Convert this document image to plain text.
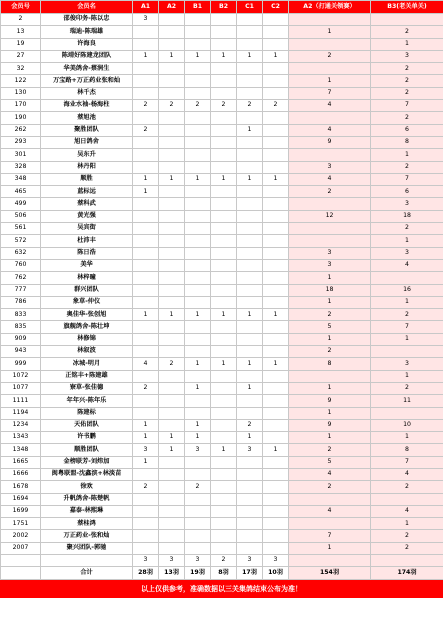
会员号	会员名	A1	A2	B1	B2	C1	C2	A2（打通关领赛）	B3(老关单关)
2	邵俊印务-陈以忠	3							
13	瑞迪-陈瑞雄							1	2
19	许海良								1
27	陈靖好陈建龙团队	1	1	1	1	1	1	2	3
32	华美鸽舍-蔡润生								2
122	万宝路+万正药业张和灿							1	2
130	林千杰							7	2
170	海业水袖-杨海柱	2	2	2	2	2	2	4	7
190	蔡旭池								2
262	聚胜团队	2				1		4	6
293	旭日鸽舍							9	8
301	吴东升								1
328	林丹阳							3	2
348	顺胜	1	1	1	1	1	1	4	7
465	蓝标远	1						2	6
499	蔡科武								3
506	黄光强							12	18
561	吴宾街								2
572	杜沛丰								1
632	陈日浩							3	3
760	美华							3	4
762	林梓曈							1	
777	群兴团队							18	16
786	象草-仲仪							1	1
833	奥佳华-张创旭	1	1	1	1	1	1	2	2
835	旗舰鸽舍-陈壮坤							5	7
909	林修锦							1	1
943	林叙波							2	
999	冰城-明月	4	2	1	1	1	1	8	3
1072	正铭丰+陈建雄								1
1077	寮草-张佳德	2		1		1		1	2
1111	年年兴-陈年乐							9	11
1194	陈建标							1	
1234	天佑团队	1		1		2		9	10
1343	许书鹏	1	1	1		1		1	1
1348	顺胜团队	3	1	3	1	3	1	2	8
1665	金榜联芳-刘炜加	1						5	7
1666	闽粤联盟-沈鑫滨+林淡苗							4	4
1678	徐欢	2		2				2	2
1694	升帆鸽舍-陈楚帆								
1699	嘉泰-林熙琳							4	4
1751	蔡桂鸿								1
2002	万正药业-张和灿							7	2
2007	聚兴团队-郭驰							1	2
		3	3	3	2	3	3		
	合计	28羽	13羽	19羽	8羽	17羽	10羽	154羽	174羽
以上仅供参考，准确数据以三关集鸽结束公布为准！
